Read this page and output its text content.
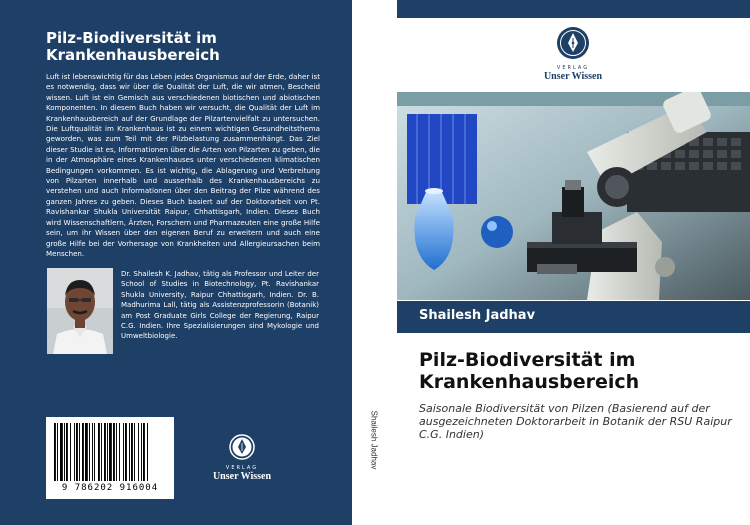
Pilz-Biodiversität im Krankenhausbereich
Luft ist lebenswichtig für das Leben jedes Organismus auf der Erde, daher ist es notwendig, dass wir über die Qualität der Luft, die wir atmen, Bescheid wissen. Luft ist ein Gemisch aus verschiedenen biotischen und abiotischen Komponenten. In diesem Buch haben wir versucht, die Qualität der Luft im Krankenhausbereich auf der Grundlage der Pilzartenvielfalt zu untersuchen. Die Luftqualität im Krankenhaus ist zu einem wichtigen Gesundheitsthema geworden, was zum Teil mit der Pilzbelastung zusammenhängt. Das Ziel dieser Studie ist es, Informationen über die Arten von Pilzarten zu geben, die in der Atmosphäre eines Krankenhauses unter verschiedenen klimatischen Bedingungen vorkommen. Es ist wichtig, die Ablagerung und Verbreitung von Pilzarten innerhalb und ausserhalb des Krankenhausbereichs zu verstehen und auch Informationen über den Beitrag der Pilze während des ganzen Jahres zu geben. Dieses Buch basiert auf der Doktorarbeit von Pt. Ravishankar Shukla Universität Raipur, Chhattisgarh, Indien. Dieses Buch wird Wissenschaftlern, Ärzten, Forschern und Pharmazeuten eine große Hilfe sein, um ihr Wissen über den eigenen Beruf zu erweitern und auch eine große Hilfe bei der Vorhersage von Krankheiten und Allergieursachen beim Menschen.
Dr. Shailesh K. Jadhav, tätig als Professor und Leiter der School of Studies in Biotechnology, Pt. Ravishankar Shukla University, Raipur Chhattisgarh, Indien. Dr. B. Madhurima Lall, tätig als Assistenzprofessorin (Botanik) am Post Graduate Girls College der Regierung, Raipur C.G. Indien. Ihre Spezialisierungen sind Mykologie und Umweltbiologie.
9 786202 916004
VERLAG
Unser Wissen
Shailesh Jadhav
VERLAG
Unser Wissen
Shailesh Jadhav
Pilz-Biodiversität im Krankenhausbereich
Saisonale Biodiversität von Pilzen (Basierend auf der ausgezeichneten Doktorarbeit in Botanik der RSU Raipur C.G. Indien)
